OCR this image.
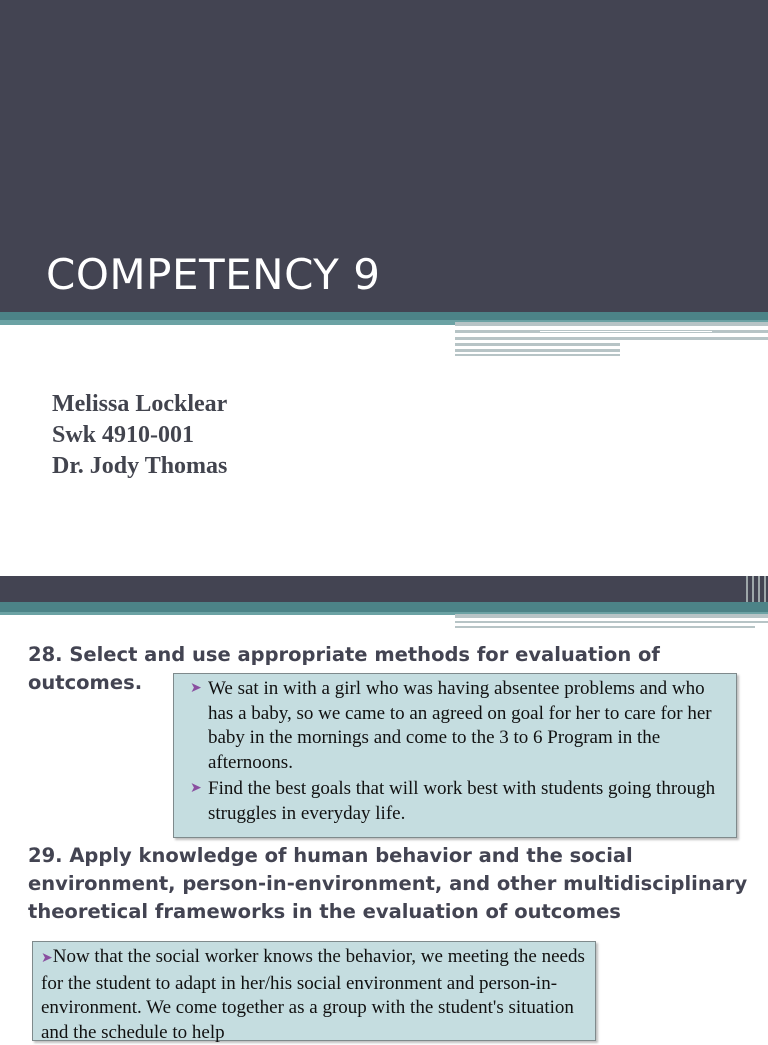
COMPETENCY 9
Melissa Locklear
Swk 4910-001
Dr. Jody Thomas
28. Select and use appropriate methods for evaluation of
outcomes.	➤ We sat in with a girl who was having absentee problems and who has a baby, so we came to an agreed on goal for her to care for her baby in the mornings and come to the 3 to 6 Program in the afternoons.
➤ Find the best goals that will work best with students going through struggles in everyday life.
29. Apply knowledge of human behavior and the social
environment, person-in-environment, and other multidisciplinary
theoretical frameworks in the evaluation of outcomes

➤Now that the social worker knows the behavior, we meeting the needs for the student to adapt in her/his social environment and person-in-environment. We come together as a group with the student's situation and the schedule to help
